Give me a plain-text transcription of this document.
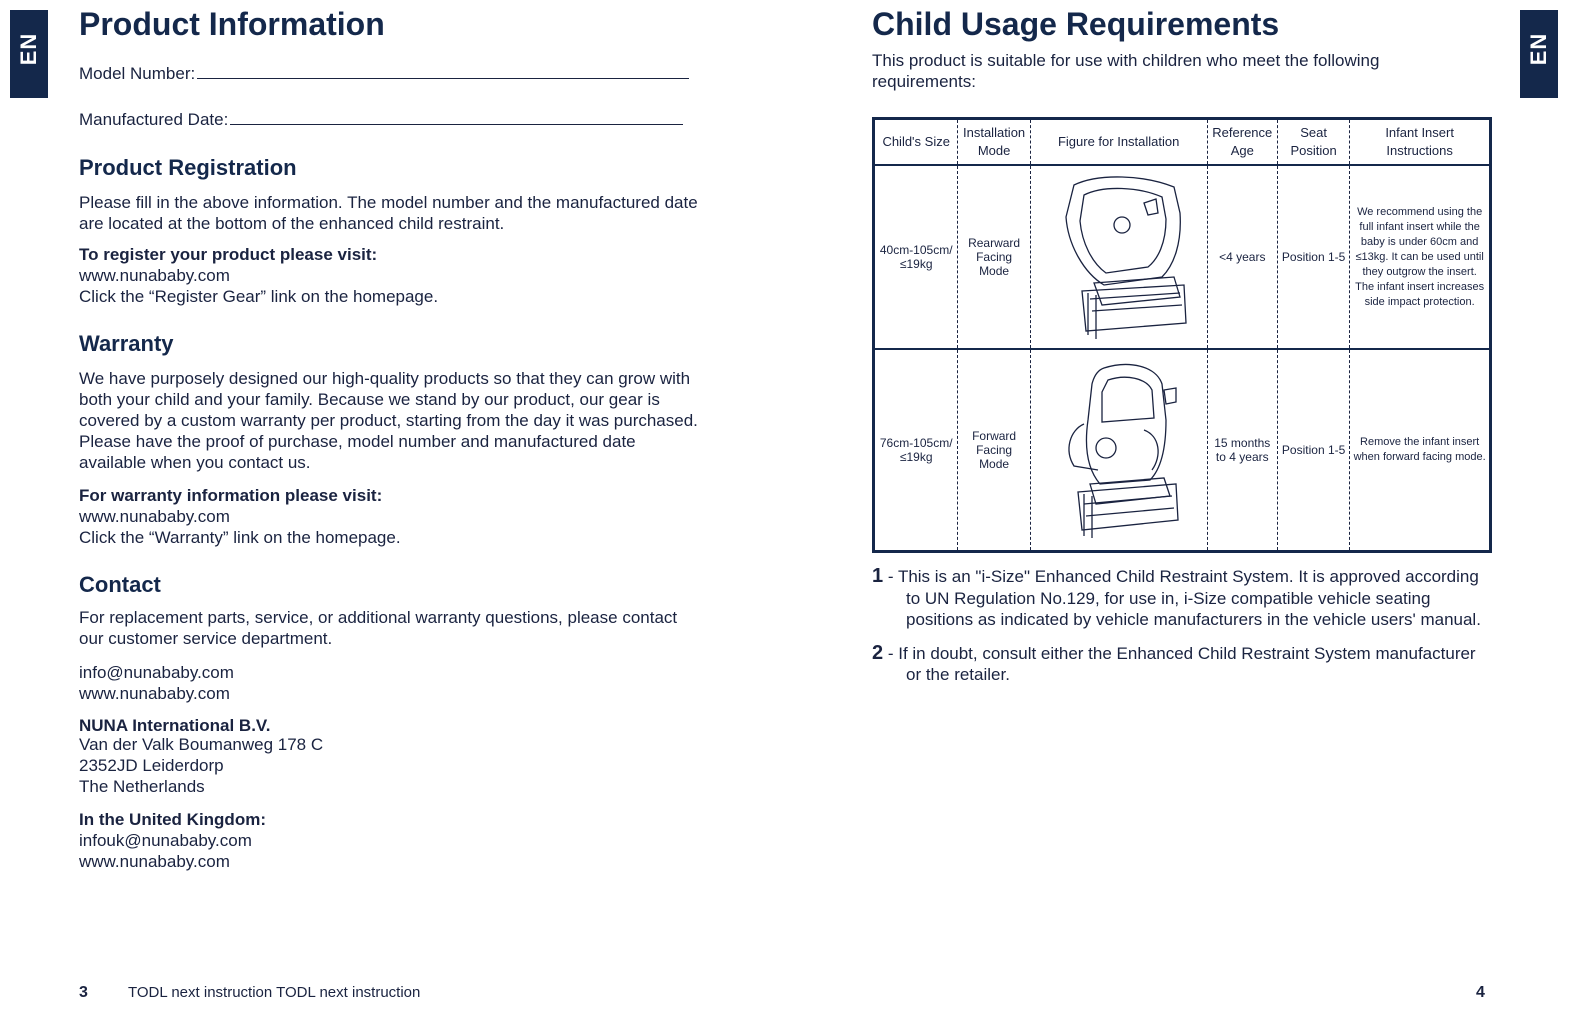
EN	EN
Product Information
Model Number:
Manufactured Date:
Product Registration

Please fill in the above information. The model number and the manufactured date are located at the bottom of the enhanced child restraint.

To register your product please visit:

www.nunababy.com

Click the “Register Gear” link on the homepage.

Warranty

We have purposely designed our high-quality products so that they can grow with both your child and your family. Because we stand by our product, our gear is covered by a custom warranty per product, starting from the day it was purchased. Please have the proof of purchase, model number and manufactured date available when you contact us.

For warranty information please visit:

www.nunababy.com

Click the “Warranty” link on the homepage.

Contact

For replacement parts, service, or additional warranty questions, please contact our customer service department.

info@nunababy.com

www.nunababy.com

NUNA International B.V.

Van der Valk Boumanweg 178 C

2352JD Leiderdorp

The Netherlands

In the United Kingdom:

infouk@nunababy.com

www.nunababy.com

3	TODL next instruction TODL next instruction
Child Usage Requirements

This product is suitable for use with children who meet the following requirements:

Child's Size	Installation Mode	Figure for Installation	Reference Age	Seat Position	Infant Insert Instructions
40cm-105cm/ ≤19kg	Rearward Facing Mode		<4 years	Position 1-5	We recommend using the full infant insert while the baby is under 60cm and ≤13kg. It can be used until they outgrow the insert. The infant insert increases side impact protection.
76cm-105cm/ ≤19kg	Forward Facing Mode		15 months to 4 years	Position 1-5	Remove the infant insert when forward facing mode.
1 - This is an "i-Size" Enhanced Child Restraint System. It is approved according to UN Regulation No.129, for use in, i-Size compatible vehicle seating positions as indicated by vehicle manufacturers in the vehicle users' manual.
2 - If in doubt, consult either the Enhanced Child Restraint System manufacturer or the retailer.
4
